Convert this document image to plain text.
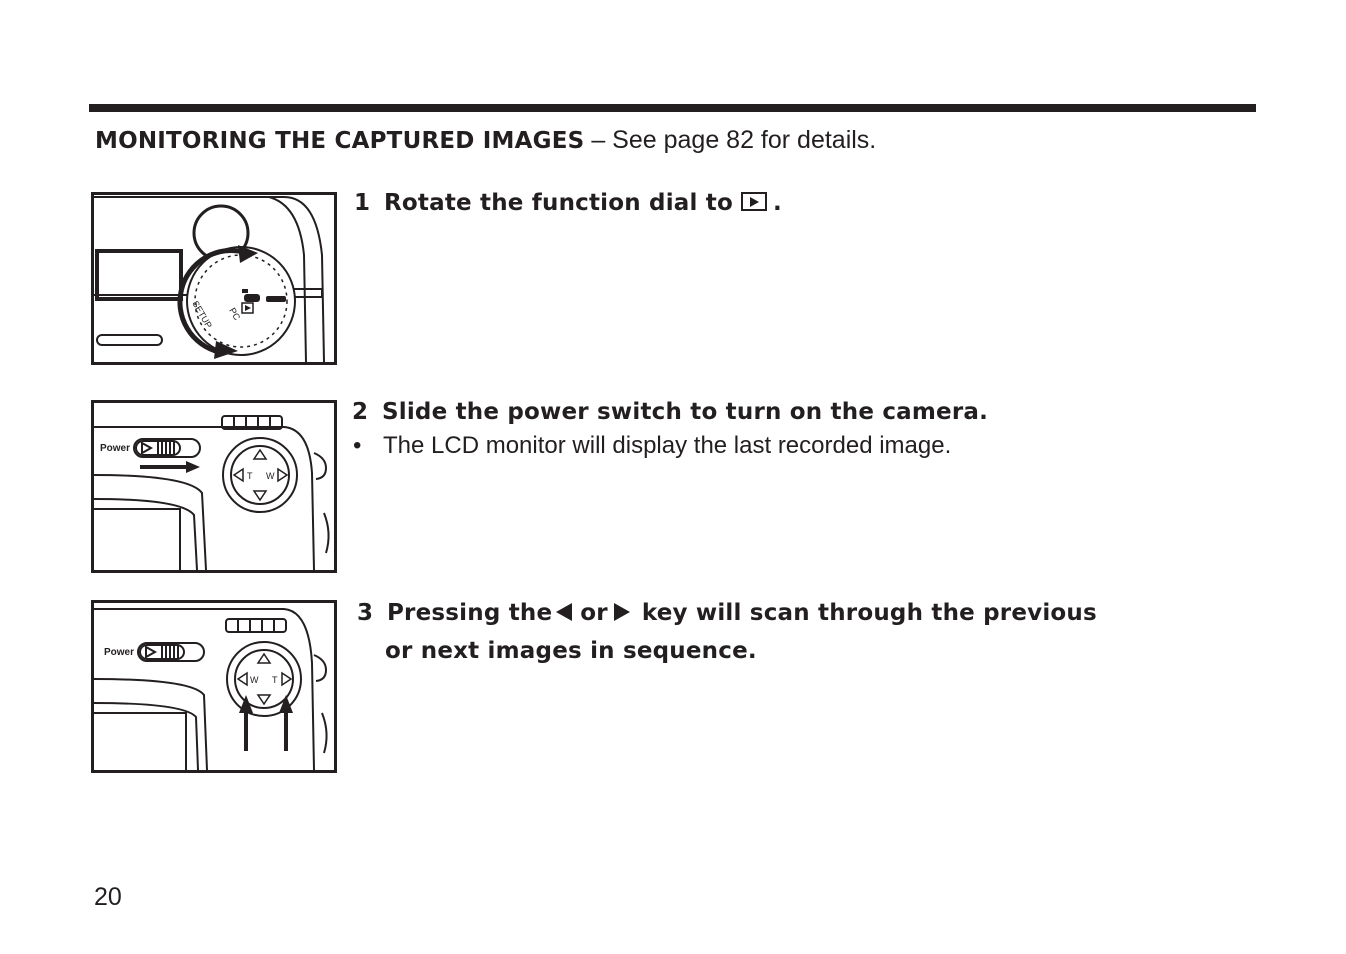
MONITORING THE CAPTURED IMAGES – See page 82 for details.
SETUP PC
1 Rotate the function dial to .
Power
T W
2 Slide the power switch to turn on the camera.
• The LCD monitor will display the last recorded image.
Power
W T
3 Pressing the or key will scan through the previous
or next images in sequence.
20
